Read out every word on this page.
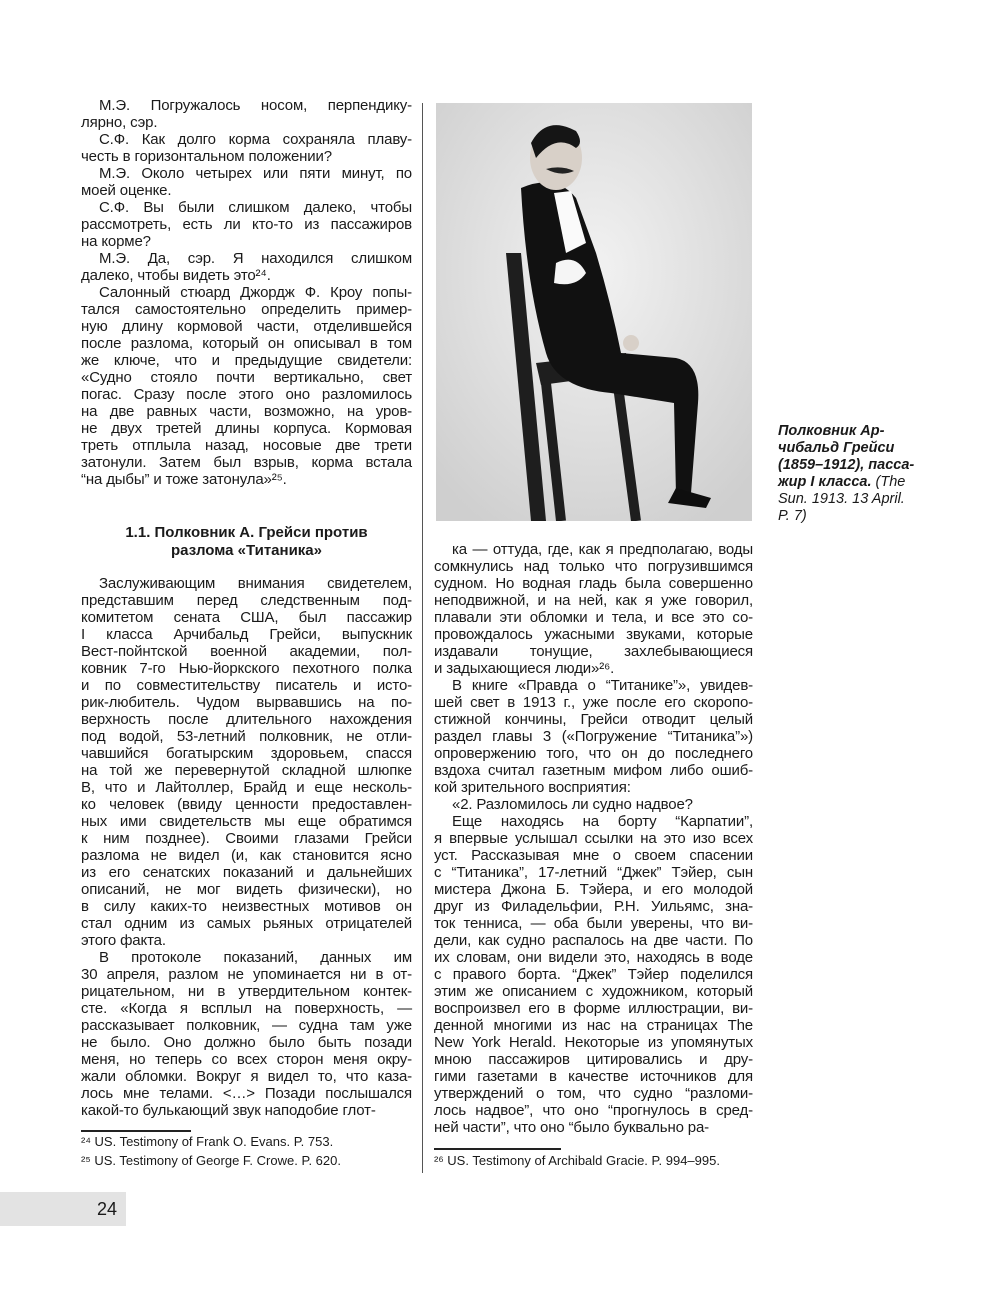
М.Э. Погружалось носом, перпендику-
лярно, сэр.
С.Ф. Как долго корма сохраняла плаву-
честь в горизонтальном положении?
М.Э. Около четырех или пяти минут, по
моей оценке.
С.Ф. Вы были слишком далеко, чтобы
рассмотреть, есть ли кто-то из пассажиров
на корме?
М.Э. Да, сэр. Я находился слишком
далеко, чтобы видеть это²⁴.
Салонный стюард Джордж Ф. Кроу попы-
тался самостоятельно определить пример-
ную длину кормовой части, отделившейся
после разлома, который он описывал в том
же ключе, что и предыдущие свидетели:
«Судно стояло почти вертикально, свет
погас. Сразу после этого оно разломилось
на две равных части, возможно, на уров-
не двух третей длины корпуса. Кормовая
треть отплыла назад, носовые две трети
затонули. Затем был взрыв, корма встала
“на дыбы” и тоже затонула»²⁵.
1.1. Полковник А. Грейси против
разлома «Титаника»
Заслуживающим внимания свидетелем,
представшим перед следственным под-
комитетом сената США, был пассажир
I класса Арчибальд Грейси, выпускник
Вест-пойнтской военной академии, пол-
ковник 7-го Нью-йоркского пехотного полка
и по совместительству писатель и исто-
рик-любитель. Чудом вырвавшись на по-
верхность после длительного нахождения
под водой, 53-летний полковник, не отли-
чавшийся богатырским здоровьем, спасся
на той же перевернутой складной шлюпке
B, что и Лайтоллер, Брайд и еще несколь-
ко человек (ввиду ценности предоставлен-
ных ими свидетельств мы еще обратимся
к ним позднее). Своими глазами Грейси
разлома не видел (и, как становится ясно
из его сенатских показаний и дальнейших
описаний, не мог видеть физически), но
в силу каких-то неизвестных мотивов он
стал одним из самых рьяных отрицателей
этого факта.
В протоколе показаний, данных им
30 апреля, разлом не упоминается ни в от-
рицательном, ни в утвердительном контек-
сте. «Когда я всплыл на поверхность, —
рассказывает полковник, — судна там уже
не было. Оно должно было быть позади
меня, но теперь со всех сторон меня окру-
жали обломки. Вокруг я видел то, что каза-
лось мне телами. <…> Позади послышался
какой-то булькающий звук наподобие глот-
²⁴ US. Testimony of Frank O. Evans. P. 753.
²⁵ US. Testimony of George F. Crowe. P. 620.
ка — оттуда, где, как я предполагаю, воды
сомкнулись над только что погрузившимся
судном. Но водная гладь была совершенно
неподвижной, и на ней, как я уже говорил,
плавали эти обломки и тела, и все это со-
провождалось ужасными звуками, которые
издавали тонущие, захлебывающиеся
и задыхающиеся люди»²⁶.
В книге «Правда о “Титанике”», увидев-
шей свет в 1913 г., уже после его скоропо-
стижной кончины, Грейси отводит целый
раздел главы 3 («Погружение “Титаника”»)
опровержению того, что он до последнего
вздоха считал газетным мифом либо ошиб-
кой зрительного восприятия:
«2. Разломилось ли судно надвое?
Еще находясь на борту “Карпатии”,
я впервые услышал ссылки на это изо всех
уст. Рассказывая мне о своем спасении
с “Титаника”, 17-летний “Джек” Тэйер, сын
мистера Джона Б. Тэйера, и его молодой
друг из Филадельфии, Р.Н. Уильямс, зна-
ток тенниса, — оба были уверены, что ви-
дели, как судно распалось на две части. По
их словам, они видели это, находясь в воде
с правого борта. “Джек” Тэйер поделился
этим же описанием с художником, который
воспроизвел его в форме иллюстрации, ви-
денной многими из нас на страницах The
New York Herald. Некоторые из упомянутых
мною пассажиров цитировались и дру-
гими газетами в качестве источников для
утверждений о том, что судно “разломи-
лось надвое”, что оно “прогнулось в сред-
ней части”, что оно “было буквально ра-
²⁶ US. Testimony of Archibald Gracie. P. 994–995.
Полковник Ар-
чибальд Грейси
(1859–1912), пасса-
жир I класса. (The
Sun. 1913. 13 April.
P. 7)
24
